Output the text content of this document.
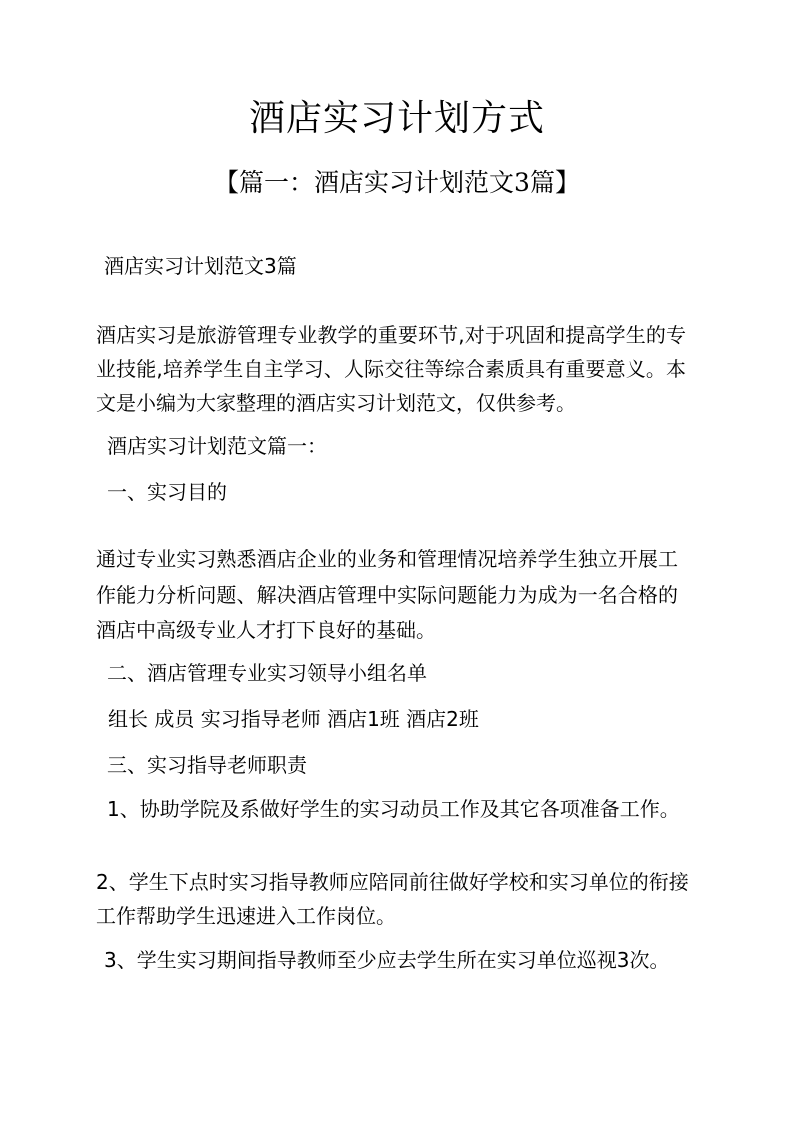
酒店实习计划方式
【篇一：酒店实习计划范文3篇】
酒店实习计划范文3篇
酒店实习是旅游管理专业教学的重要环节,对于巩固和提高学生的专
业技能,培养学生自主学习、人际交往等综合素质具有重要意义。本
文是小编为大家整理的酒店实习计划范文，仅供参考。
酒店实习计划范文篇一：
一、实习目的
通过专业实习熟悉酒店企业的业务和管理情况培养学生独立开展工
作能力分析问题、解决酒店管理中实际问题能力为成为一名合格的
酒店中高级专业人才打下良好的基础。
二、酒店管理专业实习领导小组名单
组长 成员 实习指导老师 酒店1班 酒店2班
三、实习指导老师职责
1、协助学院及系做好学生的实习动员工作及其它各项准备工作。
2、学生下点时实习指导教师应陪同前往做好学校和实习单位的衔接
工作帮助学生迅速进入工作岗位。
3、学生实习期间指导教师至少应去学生所在实习单位巡视3次。
